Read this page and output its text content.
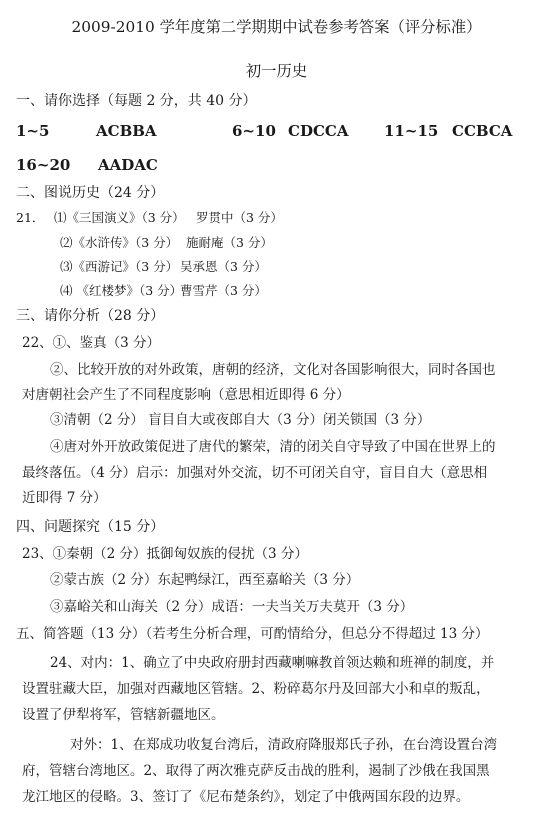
2009-2010 学年度第二学期期中试卷参考答案（评分标准）
初一历史
一、请你选择（每题 2 分，共 40 分）
1~5	ACBBA	6~10 CDCCA 11~15 CCBCA
16~20 AADAC
二、图说历史（24 分）
21． ⑴《三国演义》（3 分） 罗贯中（3 分）
⑵《水浒传》（3 分） 施耐庵（3 分）
⑶《西游记》（3 分） 吴承恩（3 分）
⑷ 《红楼梦》（3 分）
曹雪芹（3 分）
三、请你分析（28 分）
22、①、鉴真（3 分）
②、比较开放的对外政策，唐朝的经济，文化对各国影响很大，同时各国也
对唐朝社会产生了不同程度影响（意思相近即得 6 分）
③清朝（2 分） 盲目自大或夜郎自大（3 分）闭关锁国（3 分）
④唐对外开放政策促进了唐代的繁荣，清的闭关自守导致了中国在世界上的
最终落伍。（4 分）启示：加强对外交流，切不可闭关自守，盲目自大（意思相
近即得 7 分）
四、问题探究（15 分）
23、①秦朝（2 分）抵御匈奴族的侵扰（3 分）
②蒙古族（2 分）东起鸭绿江，西至嘉峪关（3 分）
③嘉峪关和山海关（2 分）成语：一夫当关万夫莫开（3 分）
五、简答题（13 分）（若考生分析合理，可酌情给分，但总分不得超过 13 分）
24、对内：1、确立了中央政府册封西藏喇嘛教首领达赖和班禅的制度，并
设置驻藏大臣，加强对西藏地区管辖。2、粉碎葛尔丹及回部大小和卓的叛乱，
设置了伊犁将军，管辖新疆地区。
对外：1、在郑成功收复台湾后，清政府降服郑氏子孙，在台湾设置台湾
府，管辖台湾地区。2、取得了两次雅克萨反击战的胜利，遏制了沙俄在我国黑
龙江地区的侵略。3、签订了《尼布楚条约》，划定了中俄两国东段的边界。
